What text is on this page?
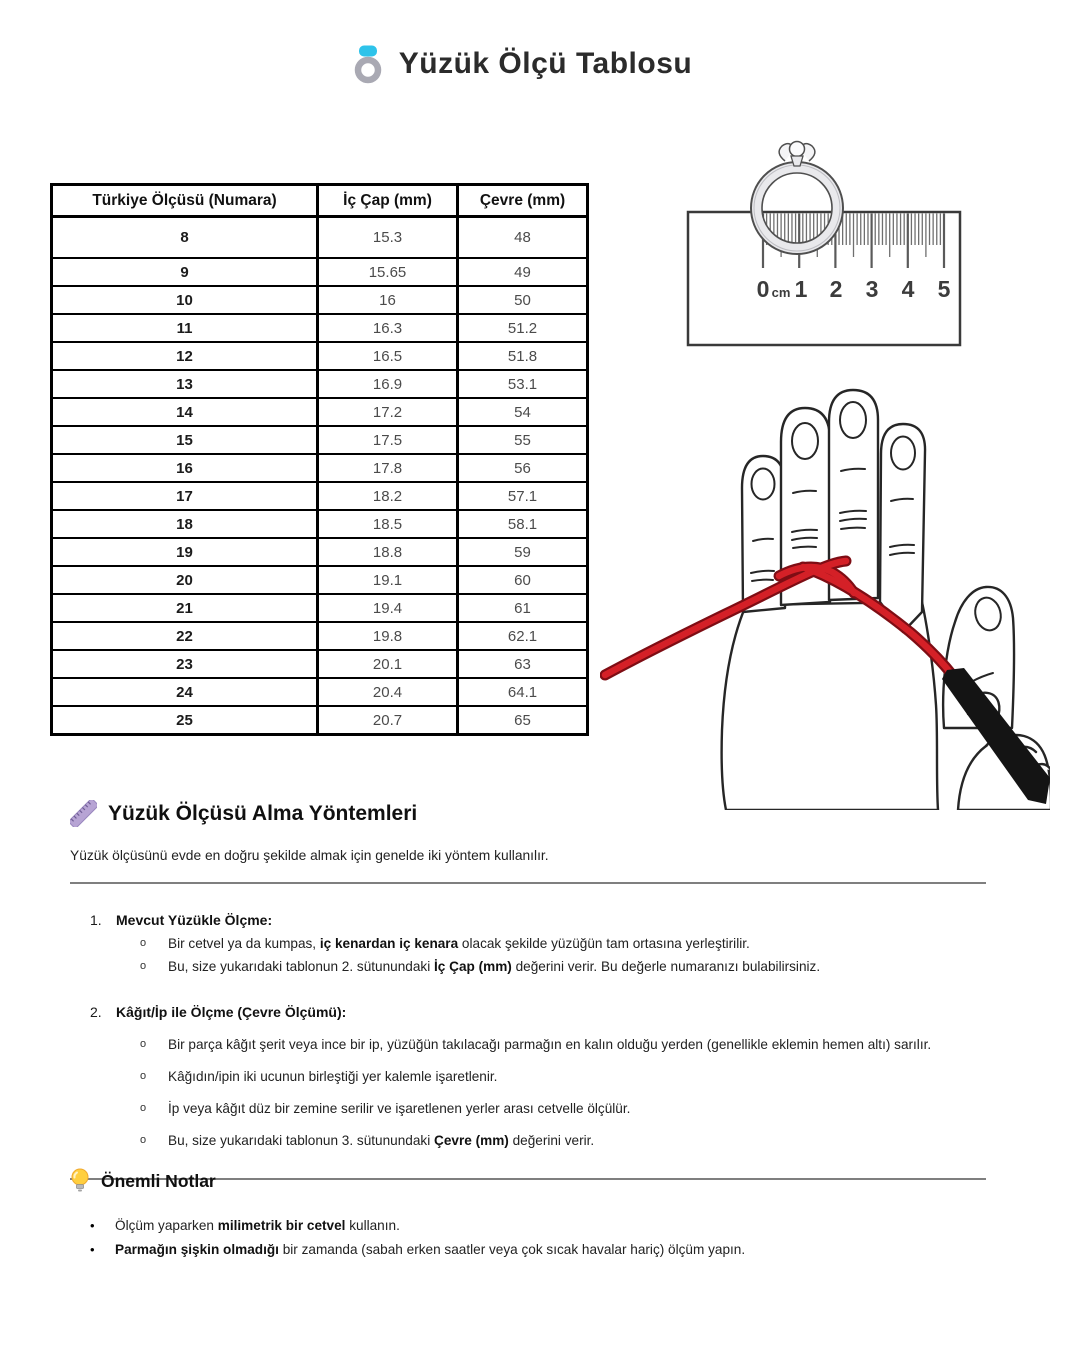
Yüzük Ölçü Tablosu
Türkiye Ölçüsü (Numara)	İç Çap (mm)	Çevre (mm)
8	15.3	48
9	15.65	49
10	16	50
11	16.3	51.2
12	16.5	51.8
13	16.9	53.1
14	17.2	54
15	17.5	55
16	17.8	56
17	18.2	57.1
18	18.5	58.1
19	18.8	59
20	19.1	60
21	19.4	61
22	19.8	62.1
23	20.1	63
24	20.4	64.1
25	20.7	65
0 cm 1 2 3 4 5
Yüzük Ölçüsü Alma Yöntemleri

Yüzük ölçüsünü evde en doğru şekilde almak için genelde iki yöntem kullanılır.

1.	Mevcut Yüzükle Ölçme:
o	Bir cetvel ya da kumpas, iç kenardan iç kenara olacak şekilde yüzüğün tam ortasına yerleştirilir.
o	Bu, size yukarıdaki tablonun 2. sütunundaki İç Çap (mm) değerini verir. Bu değerle numaranızı bulabilirsiniz.
2.	Kâğıt/İp ile Ölçme (Çevre Ölçümü):
o	Bir parça kâğıt şerit veya ince bir ip, yüzüğün takılacağı parmağın en kalın olduğu yerden (genellikle eklemin hemen altı) sarılır.
o	Kâğıdın/ipin iki ucunun birleştiği yer kalemle işaretlenir.
o	İp veya kâğıt düz bir zemine serilir ve işaretlenen yerler arası cetvelle ölçülür.
o	Bu, size yukarıdaki tablonun 3. sütunundaki Çevre (mm) değerini verir.
Önemli Notlar
•	Ölçüm yaparken milimetrik bir cetvel kullanın.
•	Parmağın şişkin olmadığı bir zamanda (sabah erken saatler veya çok sıcak havalar hariç) ölçüm yapın.
